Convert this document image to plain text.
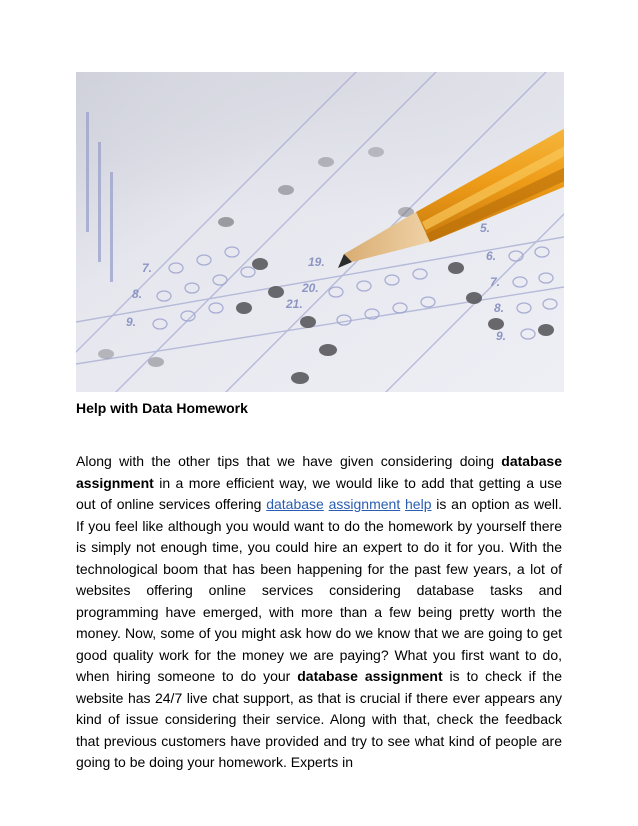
7.
8.
9.
19.
20.
21.
5.
6.
7.
8.
9.

Help with Data Homework

Along with the other tips that we have given considering doing database assignment in a more efficient way, we would like to add that getting a use out of online services offering database assignment help is an option as well. If you feel like although you would want to do the homework by yourself there is simply not enough time, you could hire an expert to do it for you. With the technological boom that has been happening for the past few years, a lot of websites offering online services considering database tasks and programming have emerged, with more than a few being pretty worth the money. Now, some of you might ask how do we know that we are going to get good quality work for the money we are paying? What you first want to do, when hiring someone to do your database assignment is to check if the website has 24/7 live chat support, as that is crucial if there ever appears any kind of issue considering their service. Along with that, check the feedback that previous customers have provided and try to see what kind of people are going to be doing your homework. Experts in
